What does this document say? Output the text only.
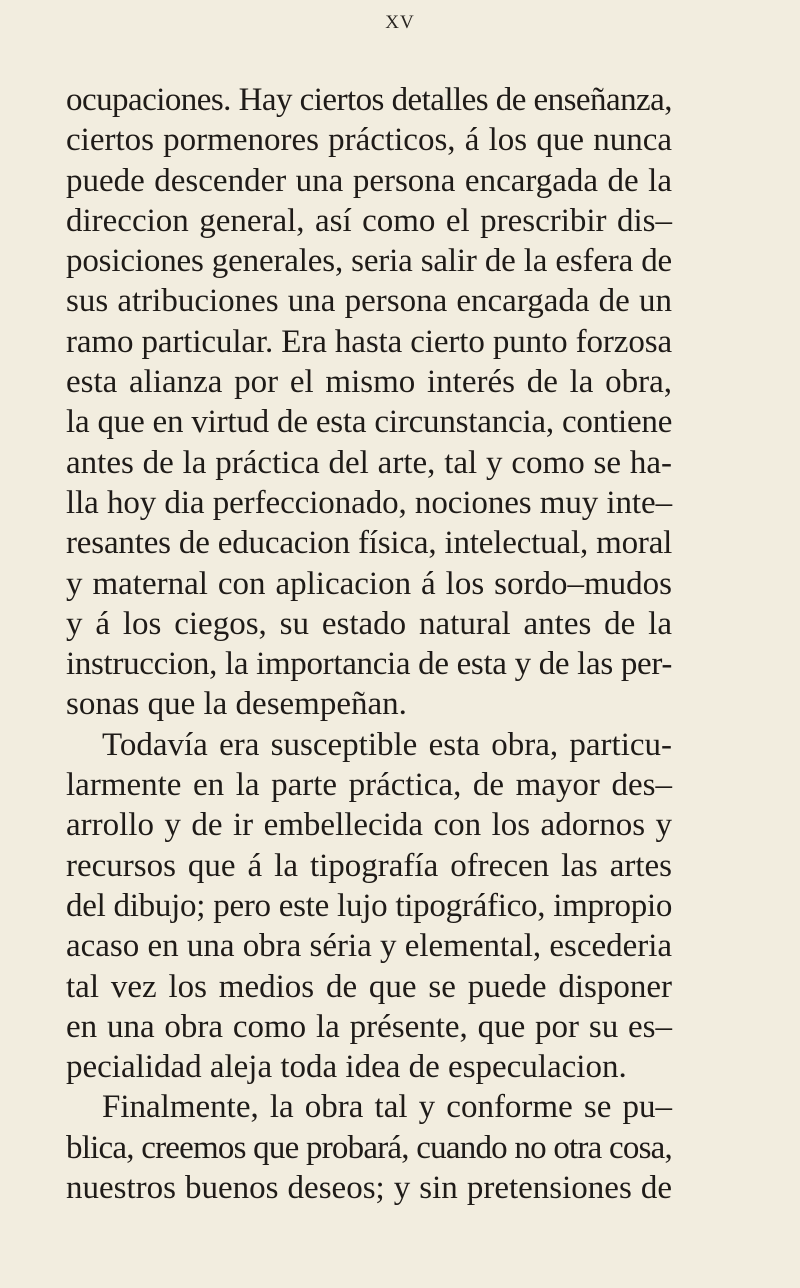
XV
ocupaciones. Hay ciertos detalles de enseñanza,
ciertos pormenores prácticos, á los que nunca
puede descender una persona encargada de la
direccion general, así como el prescribir dis–
posiciones generales, seria salir de la esfera de
sus atribuciones una persona encargada de un
ramo particular. Era hasta cierto punto forzosa
esta alianza por el mismo interés de la obra,
la que en virtud de esta circunstancia, contiene
antes de la práctica del arte, tal y como se ha-
lla hoy dia perfeccionado, nociones muy inte–
resantes de educacion física, intelectual, moral
y maternal con aplicacion á los sordo–mudos
y á los ciegos, su estado natural antes de la
instruccion, la importancia de esta y de las per-
sonas que la desempeñan.
Todavía era susceptible esta obra, particu-
larmente en la parte práctica, de mayor des–
arrollo y de ir embellecida con los adornos y
recursos que á la tipografía ofrecen las artes
del dibujo; pero este lujo tipográfico, impropio
acaso en una obra séria y elemental, escederia
tal vez los medios de que se puede disponer
en una obra como la présente, que por su es–
pecialidad aleja toda idea de especulacion.
Finalmente, la obra tal y conforme se pu–
blica, creemos que probará, cuando no otra cosa,
nuestros buenos deseos; y sin pretensiones de
